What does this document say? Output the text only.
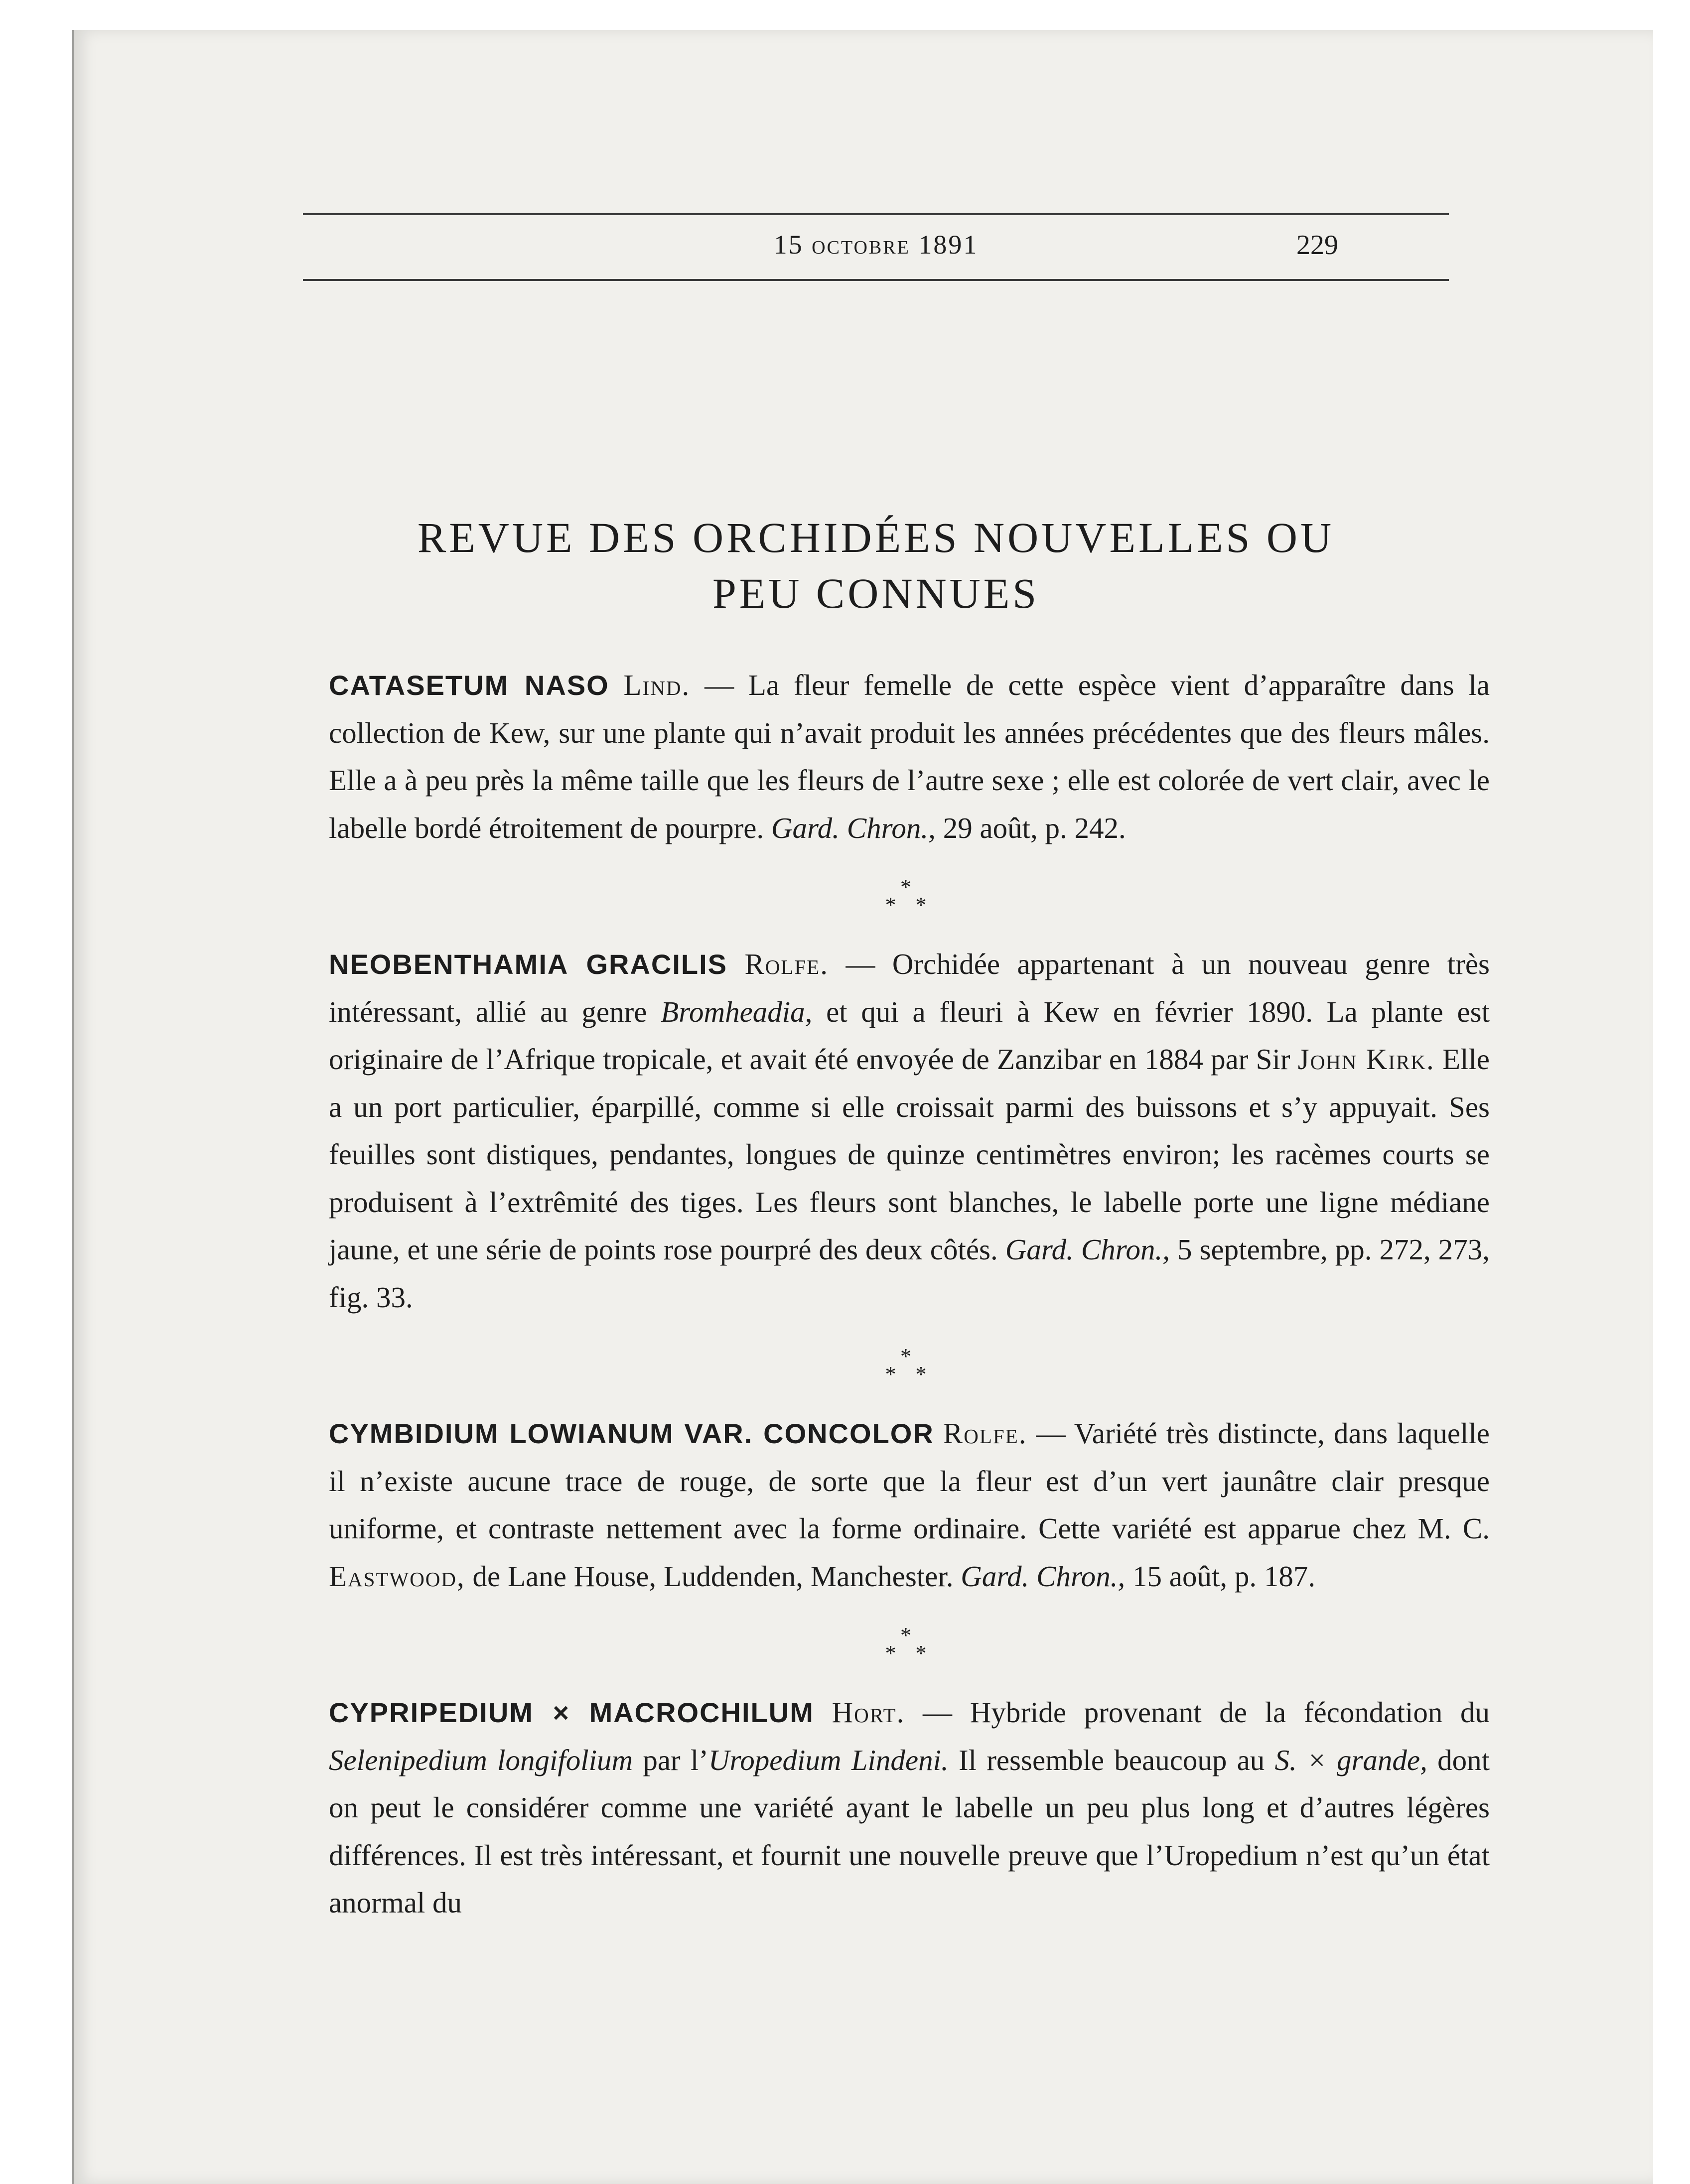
15 octobre 1891	229
REVUE DES ORCHIDÉES NOUVELLES OU
PEU CONNUES

CATASETUM NASO Lind. — La fleur femelle de cette espèce vient d’apparaître dans la collection de Kew, sur une plante qui n’avait produit les années précédentes que des fleurs mâles. Elle a à peu près la même taille que les fleurs de l’autre sexe ; elle est colorée de vert clair, avec le labelle bordé étroitement de pourpre. Gard. Chron., 29 août, p. 242.

*
* *

NEOBENTHAMIA GRACILIS Rolfe. — Orchidée appartenant à un nouveau genre très intéressant, allié au genre Bromheadia, et qui a fleuri à Kew en février 1890. La plante est originaire de l’Afrique tropicale, et avait été envoyée de Zanzibar en 1884 par Sir John Kirk. Elle a un port particulier, éparpillé, comme si elle croissait parmi des buissons et s’y appuyait. Ses feuilles sont distiques, pendantes, longues de quinze centimètres environ; les racèmes courts se produisent à l’extrêmité des tiges. Les fleurs sont blanches, le labelle porte une ligne médiane jaune, et une série de points rose pourpré des deux côtés. Gard. Chron., 5 septembre, pp. 272, 273, fig. 33.

*
* *

CYMBIDIUM LOWIANUM VAR. CONCOLOR Rolfe. — Variété très distincte, dans laquelle il n’existe aucune trace de rouge, de sorte que la fleur est d’un vert jaunâtre clair presque uniforme, et contraste nettement avec la forme ordinaire. Cette variété est apparue chez M. C. Eastwood, de Lane House, Luddenden, Manchester. Gard. Chron., 15 août, p. 187.

*
* *

CYPRIPEDIUM × MACROCHILUM Hort. — Hybride provenant de la fécondation du Selenipedium longifolium par l’Uropedium Lindeni. Il ressemble beaucoup au S. × grande, dont on peut le considérer comme une variété ayant le labelle un peu plus long et d’autres légères différences. Il est très intéressant, et fournit une nouvelle preuve que l’Uropedium n’est qu’un état anormal du
